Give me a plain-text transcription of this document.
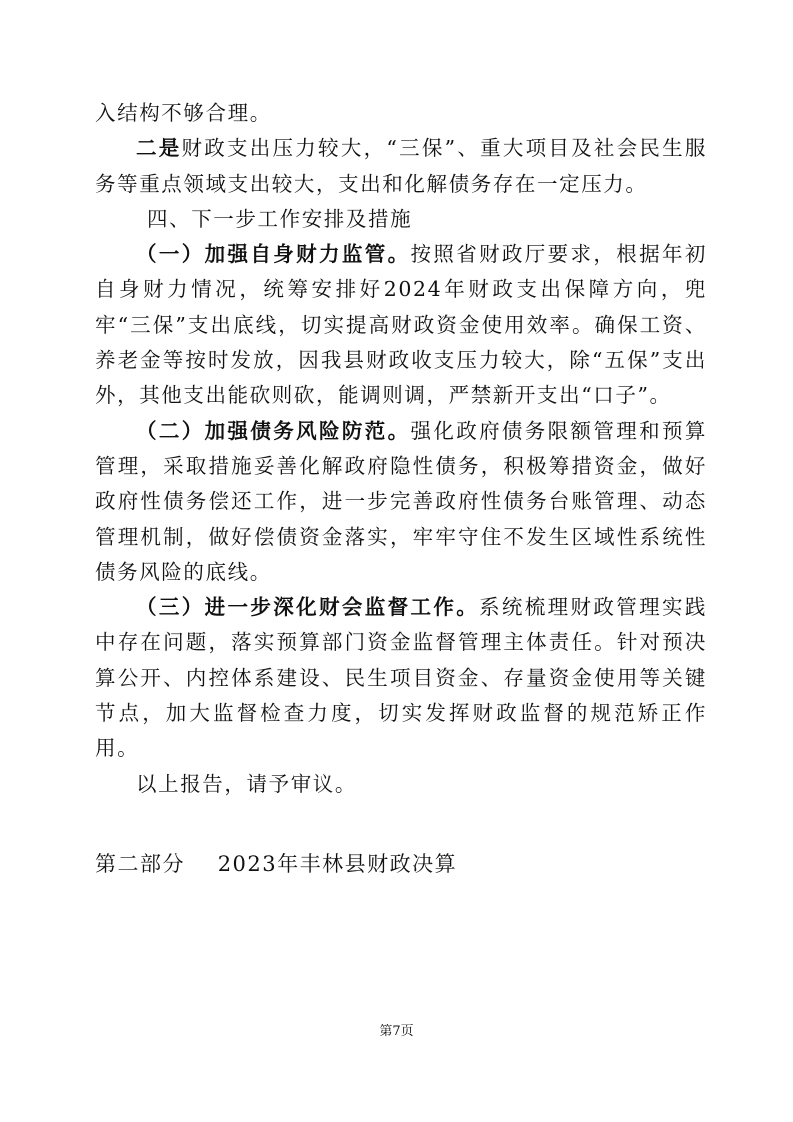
入结构不够合理。

二是财政支出压力较大，“三保”、重大项目及社会民生服务等重点领域支出较大，支出和化解债务存在一定压力。

四、下一步工作安排及措施

（一）加强自身财力监管。按照省财政厅要求，根据年初自身财力情况，统筹安排好2024年财政支出保障方向，兜牢“三保”支出底线，切实提高财政资金使用效率。确保工资、养老金等按时发放，因我县财政收支压力较大，除“五保”支出外，其他支出能砍则砍，能调则调，严禁新开支出“口子”。

（二）加强债务风险防范。强化政府债务限额管理和预算管理，采取措施妥善化解政府隐性债务，积极筹措资金，做好政府性债务偿还工作，进一步完善政府性债务台账管理、动态管理机制，做好偿债资金落实，牢牢守住不发生区域性系统性债务风险的底线。

（三）进一步深化财会监督工作。系统梳理财政管理实践中存在问题，落实预算部门资金监督管理主体责任。针对预决算公开、内控体系建设、民生项目资金、存量资金使用等关键节点，加大监督检查力度，切实发挥财政监督的规范矫正作用。

以上报告，请予审议。

第二部分    2023年丰林县财政决算
第7页
